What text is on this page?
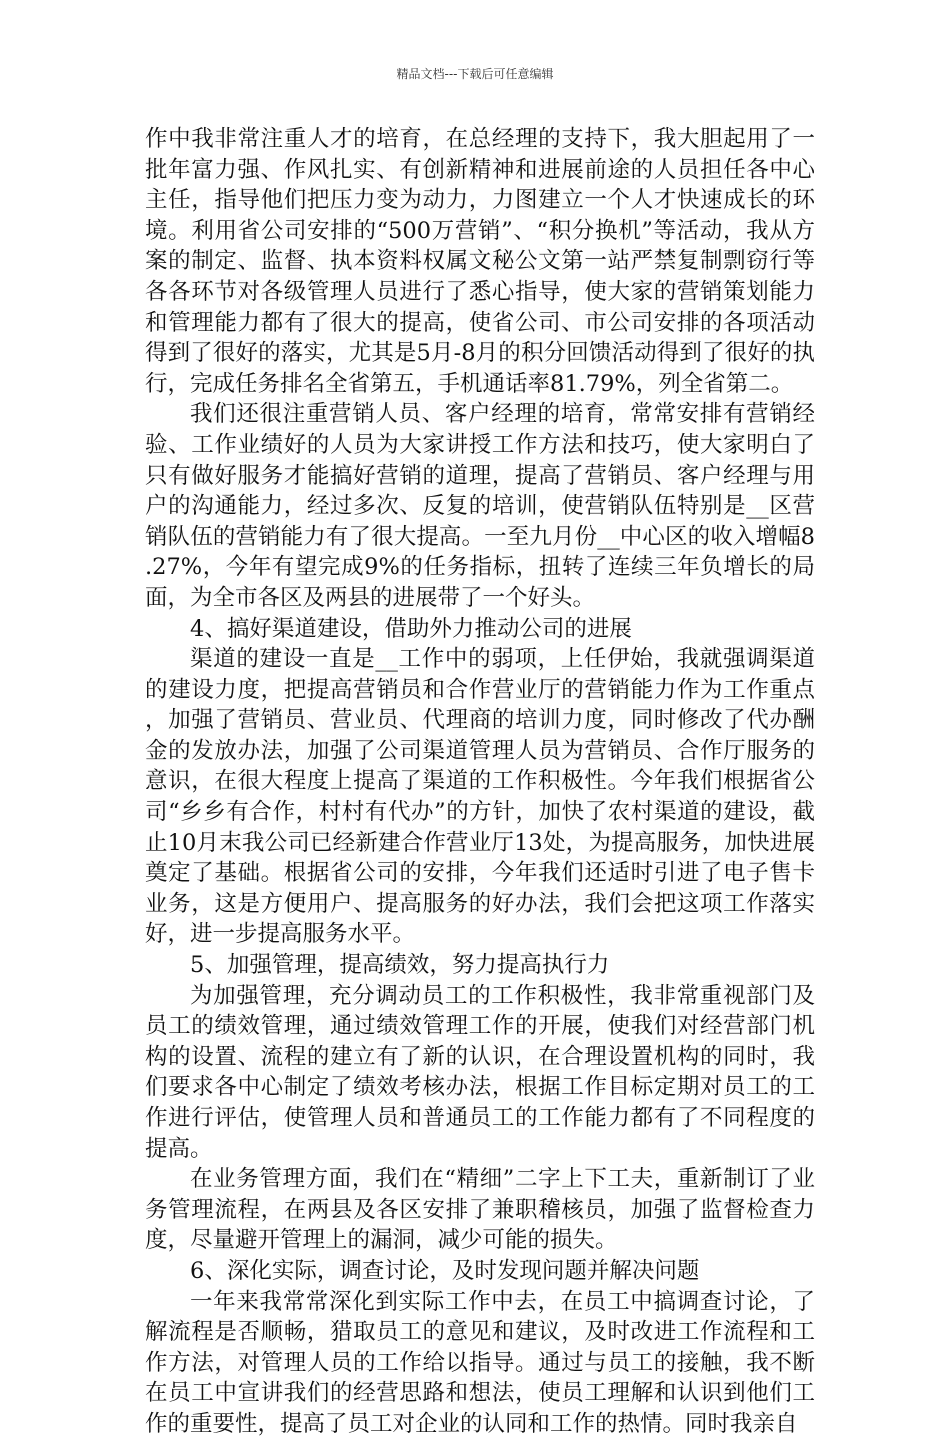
精品文档---下载后可任意编辑

作中我非常注重人才的培育，在总经理的支持下，我大胆起用了一批年富力强、作风扎实、有创新精神和进展前途的人员担任各中心主任，指导他们把压力变为动力，力图建立一个人才快速成长的环境。利用省公司安排的“500万营销”、“积分换机”等活动，我从方案的制定、监督、执本资料权属文秘公文第一站严禁复制剽窃行等各各环节对各级管理人员进行了悉心指导，使大家的营销策划能力和管理能力都有了很大的提高，使省公司、市公司安排的各项活动得到了很好的落实，尤其是5月-8月的积分回馈活动得到了很好的执行，完成任务排名全省第五，手机通话率81.79%，列全省第二。

我们还很注重营销人员、客户经理的培育，常常安排有营销经验、工作业绩好的人员为大家讲授工作方法和技巧，使大家明白了只有做好服务才能搞好营销的道理，提高了营销员、客户经理与用户的沟通能力，经过多次、反复的培训，使营销队伍特别是__区营销队伍的营销能力有了很大提高。一至九月份__中心区的收入增幅8.27%，今年有望完成9%的任务指标，扭转了连续三年负增长的局面，为全市各区及两县的进展带了一个好头。

4、搞好渠道建设，借助外力推动公司的进展

渠道的建设一直是__工作中的弱项，上任伊始，我就强调渠道的建设力度，把提高营销员和合作营业厅的营销能力作为工作重点，加强了营销员、营业员、代理商的培训力度，同时修改了代办酬金的发放办法，加强了公司渠道管理人员为营销员、合作厅服务的意识，在很大程度上提高了渠道的工作积极性。今年我们根据省公司“乡乡有合作，村村有代办”的方针，加快了农村渠道的建设，截止10月末我公司已经新建合作营业厅13处，为提高服务，加快进展奠定了基础。根据省公司的安排，今年我们还适时引进了电子售卡业务，这是方便用户、提高服务的好办法，我们会把这项工作落实好，进一步提高服务水平。

5、加强管理，提高绩效，努力提高执行力

为加强管理，充分调动员工的工作积极性，我非常重视部门及员工的绩效管理，通过绩效管理工作的开展，使我们对经营部门机构的设置、流程的建立有了新的认识，在合理设置机构的同时，我们要求各中心制定了绩效考核办法，根据工作目标定期对员工的工作进行评估，使管理人员和普通员工的工作能力都有了不同程度的提高。

在业务管理方面，我们在“精细”二字上下工夫，重新制订了业务管理流程，在两县及各区安排了兼职稽核员，加强了监督检查力度，尽量避开管理上的漏洞，减少可能的损失。

6、深化实际，调查讨论，及时发现问题并解决问题

一年来我常常深化到实际工作中去，在员工中搞调查讨论，了解流程是否顺畅，猎取员工的意见和建议，及时改进工作流程和工作方法，对管理人员的工作给以指导。通过与员工的接触，我不断在员工中宣讲我们的经营思路和想法，使员工理解和认识到他们工作的重要性，提高了员工对企业的认同和工作的热情。同时我亲自
